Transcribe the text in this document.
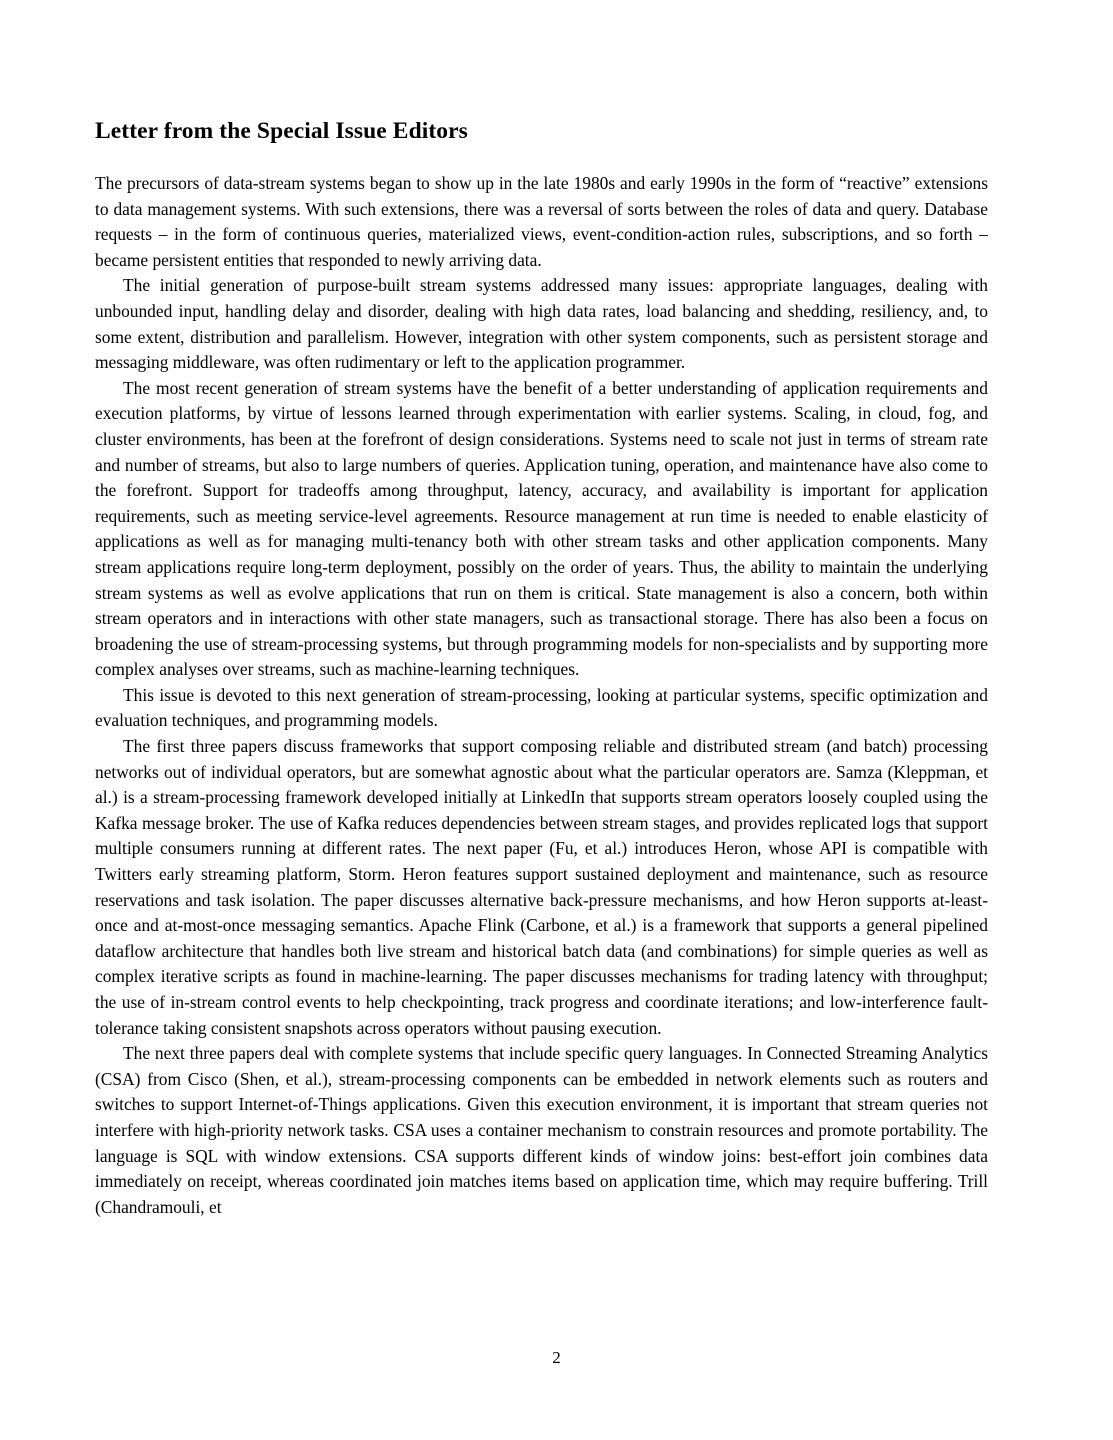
Letter from the Special Issue Editors

The precursors of data-stream systems began to show up in the late 1980s and early 1990s in the form of “reactive” extensions to data management systems. With such extensions, there was a reversal of sorts between the roles of data and query. Database requests – in the form of continuous queries, materialized views, event-condition-action rules, subscriptions, and so forth – became persistent entities that responded to newly arriving data.

The initial generation of purpose-built stream systems addressed many issues: appropriate languages, dealing with unbounded input, handling delay and disorder, dealing with high data rates, load balancing and shedding, resiliency, and, to some extent, distribution and parallelism. However, integration with other system components, such as persistent storage and messaging middleware, was often rudimentary or left to the application programmer.

The most recent generation of stream systems have the benefit of a better understanding of application requirements and execution platforms, by virtue of lessons learned through experimentation with earlier systems. Scaling, in cloud, fog, and cluster environments, has been at the forefront of design considerations. Systems need to scale not just in terms of stream rate and number of streams, but also to large numbers of queries. Application tuning, operation, and maintenance have also come to the forefront. Support for tradeoffs among throughput, latency, accuracy, and availability is important for application requirements, such as meeting service-level agreements. Resource management at run time is needed to enable elasticity of applications as well as for managing multi-tenancy both with other stream tasks and other application components. Many stream applications require long-term deployment, possibly on the order of years. Thus, the ability to maintain the underlying stream systems as well as evolve applications that run on them is critical. State management is also a concern, both within stream operators and in interactions with other state managers, such as transactional storage. There has also been a focus on broadening the use of stream-processing systems, but through programming models for non-specialists and by supporting more complex analyses over streams, such as machine-learning techniques.

This issue is devoted to this next generation of stream-processing, looking at particular systems, specific optimization and evaluation techniques, and programming models.

The first three papers discuss frameworks that support composing reliable and distributed stream (and batch) processing networks out of individual operators, but are somewhat agnostic about what the particular operators are. Samza (Kleppman, et al.) is a stream-processing framework developed initially at LinkedIn that supports stream operators loosely coupled using the Kafka message broker. The use of Kafka reduces dependencies between stream stages, and provides replicated logs that support multiple consumers running at different rates. The next paper (Fu, et al.) introduces Heron, whose API is compatible with Twitters early streaming platform, Storm. Heron features support sustained deployment and maintenance, such as resource reservations and task isolation. The paper discusses alternative back-pressure mechanisms, and how Heron supports at-least-once and at-most-once messaging semantics. Apache Flink (Carbone, et al.) is a framework that supports a general pipelined dataflow architecture that handles both live stream and historical batch data (and combinations) for simple queries as well as complex iterative scripts as found in machine-learning. The paper discusses mechanisms for trading latency with throughput; the use of in-stream control events to help checkpointing, track progress and coordinate iterations; and low-interference fault-tolerance taking consistent snapshots across operators without pausing execution.

The next three papers deal with complete systems that include specific query languages. In Connected Streaming Analytics (CSA) from Cisco (Shen, et al.), stream-processing components can be embedded in network elements such as routers and switches to support Internet-of-Things applications. Given this execution environment, it is important that stream queries not interfere with high-priority network tasks. CSA uses a container mechanism to constrain resources and promote portability. The language is SQL with window extensions. CSA supports different kinds of window joins: best-effort join combines data immediately on receipt, whereas coordinated join matches items based on application time, which may require buffering. Trill (Chandramouli, et

2
